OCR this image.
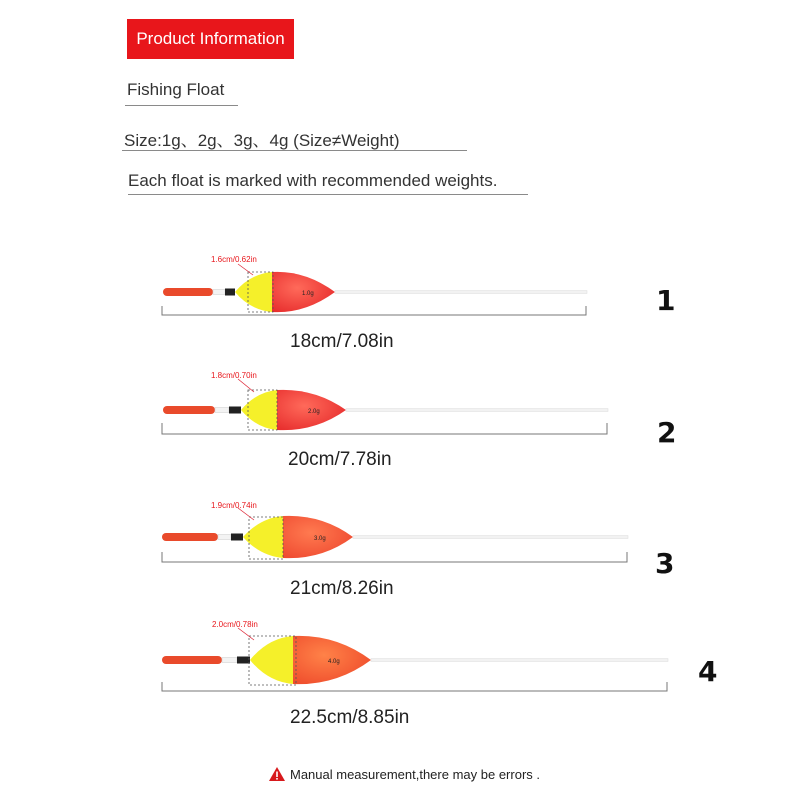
Product Information
Fishing Float
Size:1g、2g、3g、4g (Size≠Weight)
Each float is marked with recommended weights.
1.6cm/0.62in
1.0g
18cm/7.08in
1
1.8cm/0.70in
2.0g
20cm/7.78in
2
1.9cm/0.74in
3.0g
21cm/8.26in
3
2.0cm/0.78in
4.0g
22.5cm/8.85in
4
Manual measurement,there may be errors .
